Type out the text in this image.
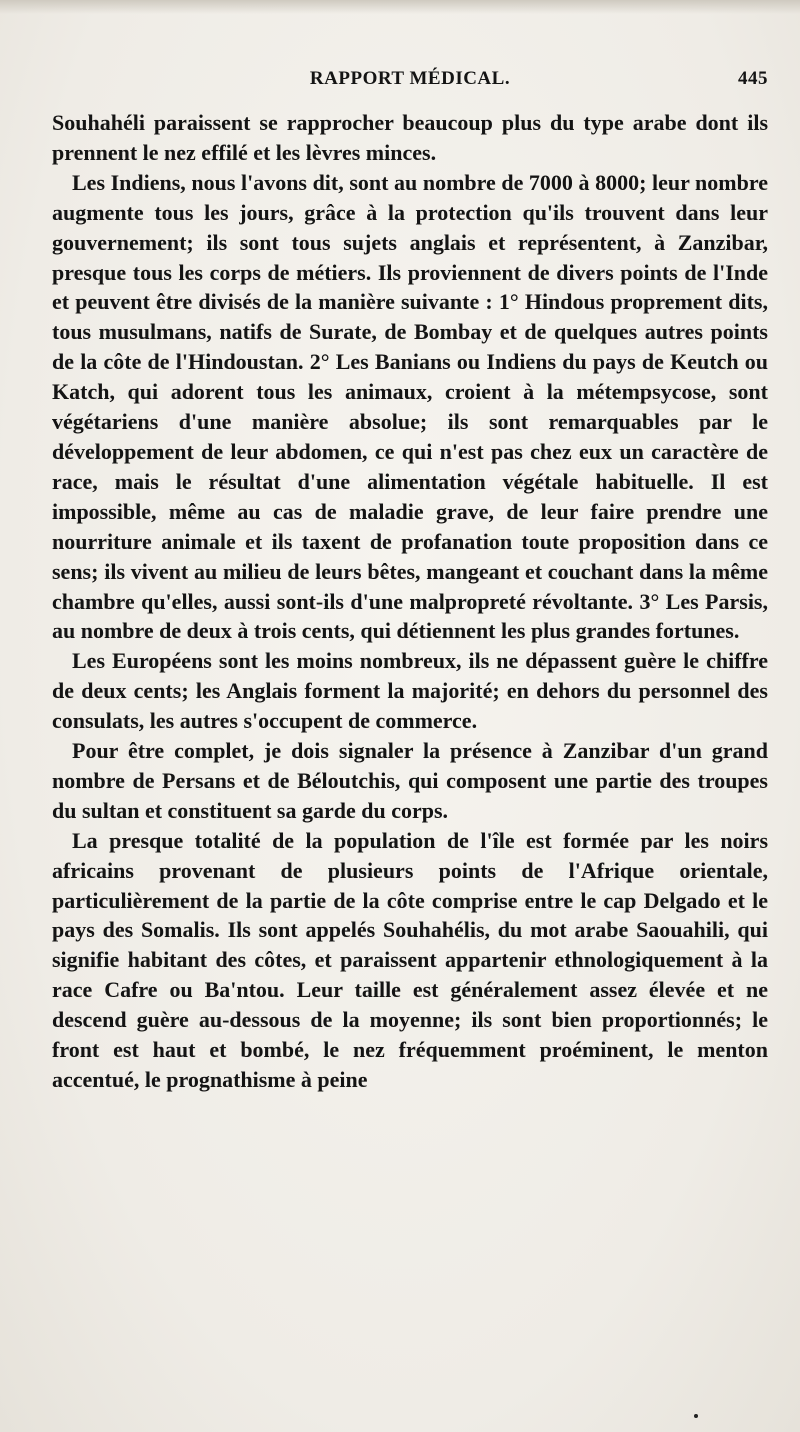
RAPPORT MÉDICAL.	445

Souhahéli paraissent se rapprocher beaucoup plus du type arabe dont ils prennent le nez effilé et les lèvres minces.

Les Indiens, nous l'avons dit, sont au nombre de 7000 à 8000; leur nombre augmente tous les jours, grâce à la protection qu'ils trouvent dans leur gouvernement; ils sont tous sujets anglais et représentent, à Zanzibar, presque tous les corps de métiers. Ils proviennent de divers points de l'Inde et peuvent être divisés de la manière suivante : 1° Hindous proprement dits, tous musulmans, natifs de Surate, de Bombay et de quelques autres points de la côte de l'Hindoustan. 2° Les Banians ou Indiens du pays de Keutch ou Katch, qui adorent tous les animaux, croient à la métempsycose, sont végétariens d'une manière absolue; ils sont remarquables par le développement de leur abdomen, ce qui n'est pas chez eux un caractère de race, mais le résultat d'une alimentation végétale habituelle. Il est impossible, même au cas de maladie grave, de leur faire prendre une nourriture animale et ils taxent de profanation toute proposition dans ce sens; ils vivent au milieu de leurs bêtes, mangeant et couchant dans la même chambre qu'elles, aussi sont-ils d'une malpropreté révoltante. 3° Les Parsis, au nombre de deux à trois cents, qui détiennent les plus grandes fortunes.

Les Européens sont les moins nombreux, ils ne dépassent guère le chiffre de deux cents; les Anglais forment la majorité; en dehors du personnel des consulats, les autres s'occupent de commerce.

Pour être complet, je dois signaler la présence à Zanzibar d'un grand nombre de Persans et de Béloutchis, qui composent une partie des troupes du sultan et constituent sa garde du corps.

La presque totalité de la population de l'île est formée par les noirs africains provenant de plusieurs points de l'Afrique orientale, particulièrement de la partie de la côte comprise entre le cap Delgado et le pays des Somalis. Ils sont appelés Souhahélis, du mot arabe Saouahili, qui signifie habitant des côtes, et paraissent appartenir ethnologiquement à la race Cafre ou Ba'ntou. Leur taille est généralement assez élevée et ne descend guère au-dessous de la moyenne; ils sont bien proportionnés; le front est haut et bombé, le nez fréquemment proéminent, le menton accentué, le prognathisme à peine
